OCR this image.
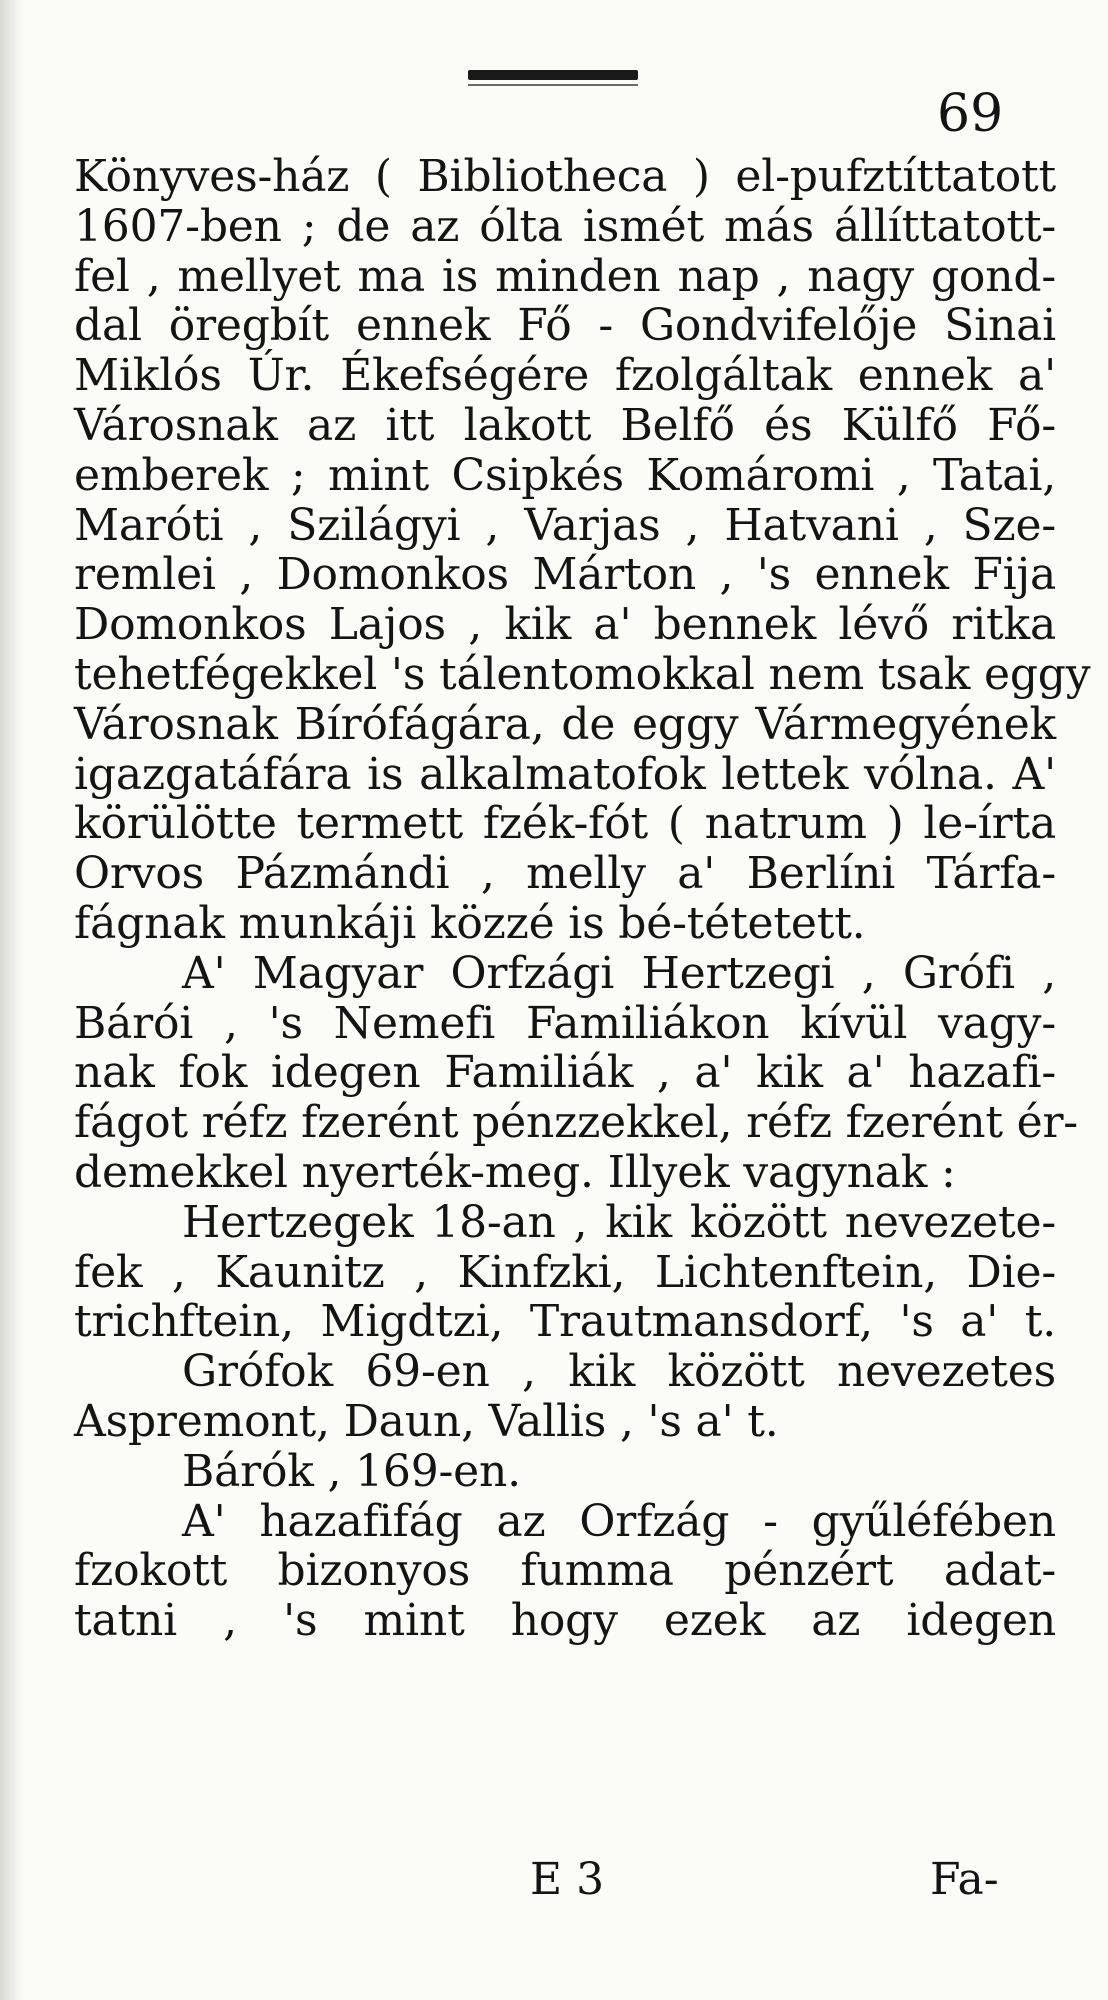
69
Könyves-ház ( Bibliotheca ) el-pufztíttatott
1607-ben ; de az ólta ismét más állíttatott-
fel , mellyet ma is minden nap , nagy gond-
dal öregbít ennek Fő - Gondvifelője Sinai
Miklós Úr. Ékefségére fzolgáltak ennek a'
Városnak az itt lakott Belfő és Külfő Fő-
emberek ; mint Csipkés Komáromi , Tatai,
Maróti , Szilágyi , Varjas , Hatvani , Sze-
remlei , Domonkos Márton , 's ennek Fija
Domonkos Lajos , kik a' bennek lévő ritka
tehetfégekkel 's tálentomokkal nem tsak eggy
Városnak Bírófágára, de eggy Vármegyének
igazgatáfára is alkalmatofok lettek vólna. A'
körülötte termett fzék-fót ( natrum ) le-írta
Orvos Pázmándi , melly a' Berlíni Tárfa-
fágnak munkáji közzé is bé-tétetett.
A' Magyar Orfzági Hertzegi , Grófi ,
Bárói , 's Nemefi Familiákon kívül vagy-
nak fok idegen Familiák , a' kik a' hazafi-
fágot réfz fzerént pénzzekkel, réfz fzerént ér-
demekkel nyerték-meg. Illyek vagynak :
Hertzegek 18-an , kik között nevezete-
fek , Kaunitz , Kinfzki, Lichtenftein, Die-
trichftein, Migdtzi, Trautmansdorf, 's a' t.
Grófok 69-en , kik között nevezetes
Aspremont, Daun, Vallis , 's a' t.
Bárók , 169-en.
A' hazafifág az Orfzág - gyűléfében
fzokott bizonyos fumma pénzért adat-
tatni , 's mint hogy ezek az idegen
E 3	Fa-
